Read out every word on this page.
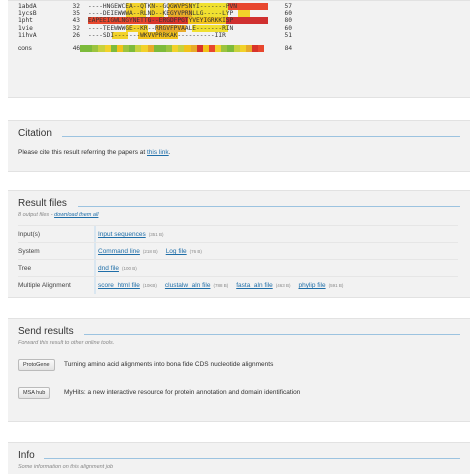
1abdA	32 ----HNGEWCEA--QTKN--GQGWVPSNYI-------PVN	57
1ycsB	35 ----DEIEWWWA--RLND--KEGYVPRNLLG-----LYP	60
1pht	43 EAPEEIGWLNGYNETTG--ERGDFPGTYVEYIGRKKISP	80
1vie	32 ----TEEWWWGE--KR--RRGVFPVAALE-------RIN	60
1ihvA	26 ----SDI-------WKVVPRRKAK----------IIR	51
cons	46	84
Citation
Please cite this result referring the papers at this link.
Result files
8 output files - download them all
Input(s)	Input sequences (351 B)
System	Command line (218 B) Log file (76 B)
Tree	dnd file (100 B)
Multiple Alignment	score_html file (10KB) clustalw_aln file (788 B) fasta_aln file (463 B) phylip file (591 B)
Send results
Forward this result to other online tools.
ProtoGene	Turning amino acid alignments into bona fide CDS nucleotide alignments
MSA hub	MyHits: a new interactive resource for protein annotation and domain identification
Info
Some information on this alignment job
